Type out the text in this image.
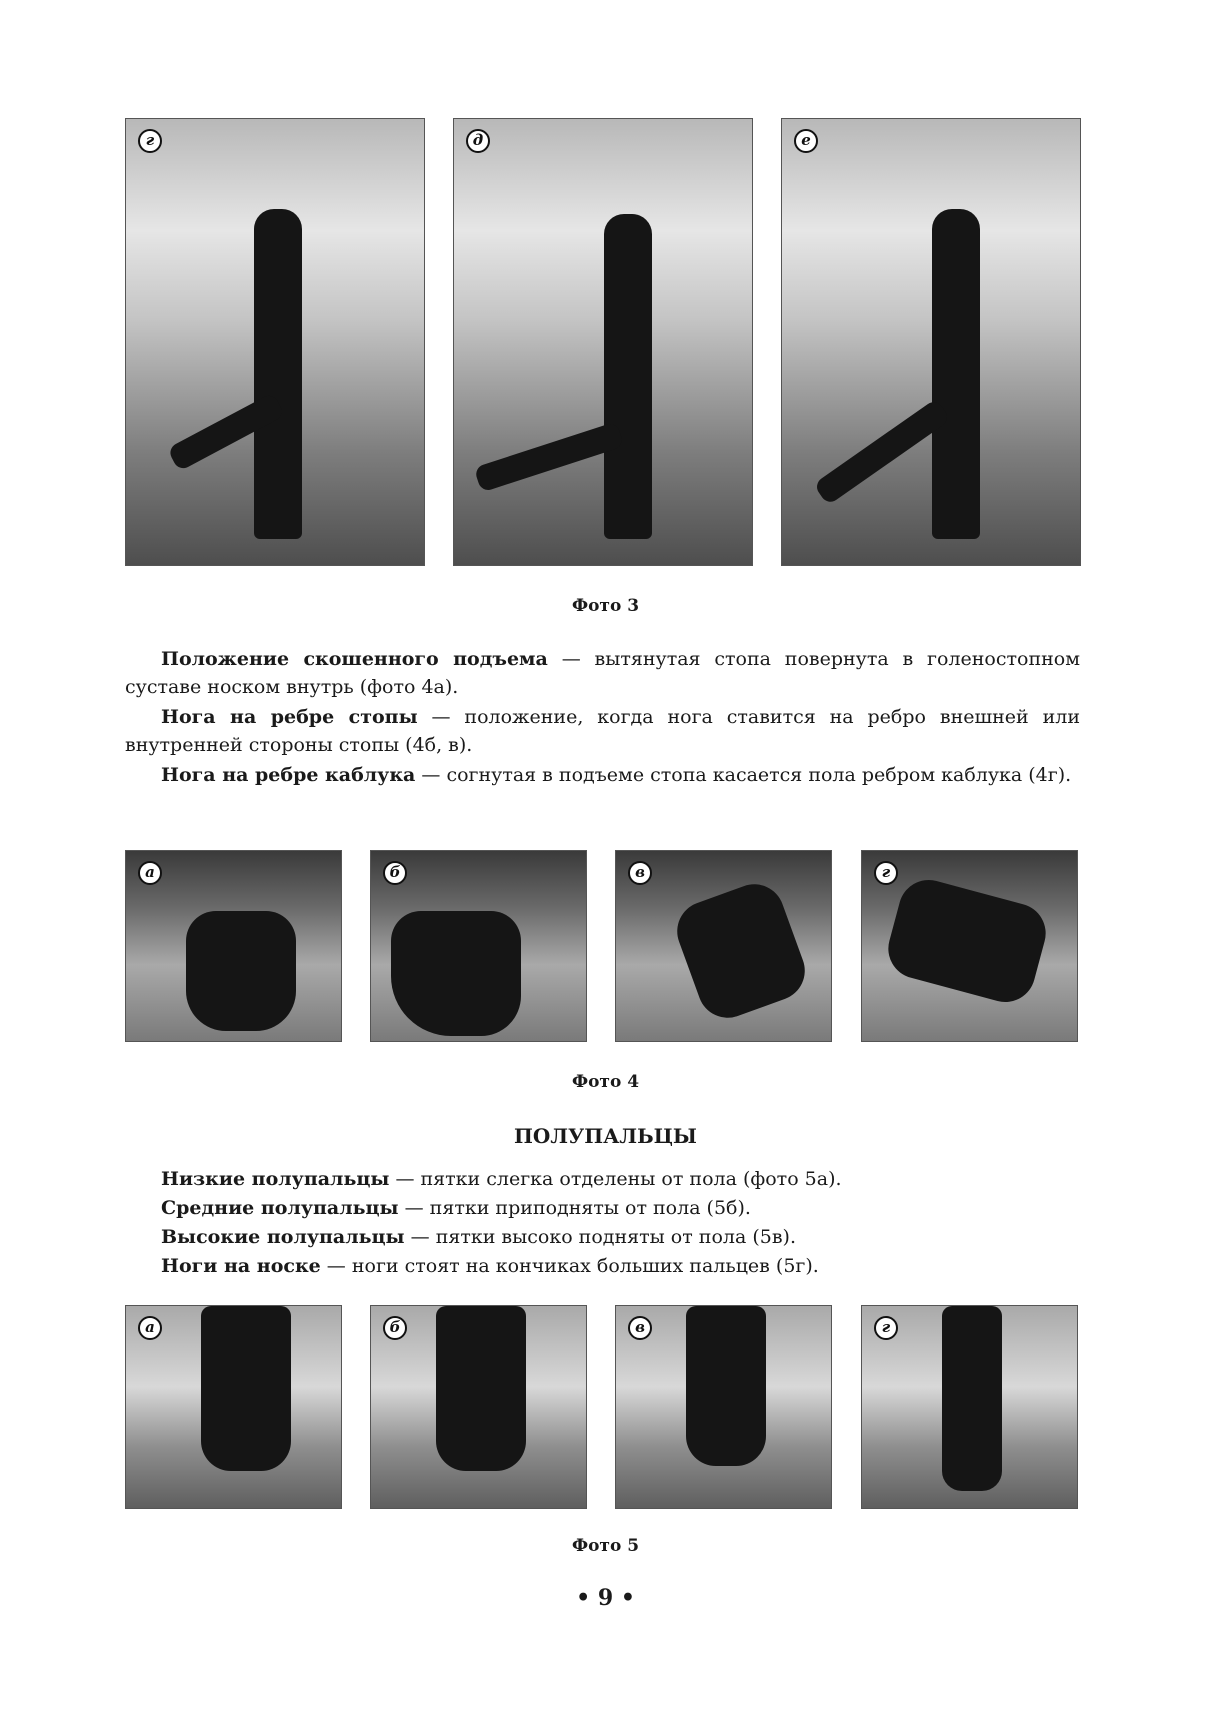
г	д	е
Фото 3
Положение скошенного подъема — вытянутая стопа повернута в голеностопном суставе носком внутрь (фото 4а).
Нога на ребре стопы — положение, когда нога ставится на ребро внешней или внутренней стороны стопы (4б, в).
Нога на ребре каблука — согнутая в подъеме стопа касается пола ребром каблука (4г).
а	б	в	г
Фото 4
ПОЛУПАЛЬЦЫ
Низкие полупальцы — пятки слегка отделены от пола (фото 5а).
Средние полупальцы — пятки приподняты от пола (5б).
Высокие полупальцы — пятки высоко подняты от пола (5в).
Ноги на носке — ноги стоят на кончиках больших пальцев (5г).
а	б	в	г
Фото 5
• 9 •
